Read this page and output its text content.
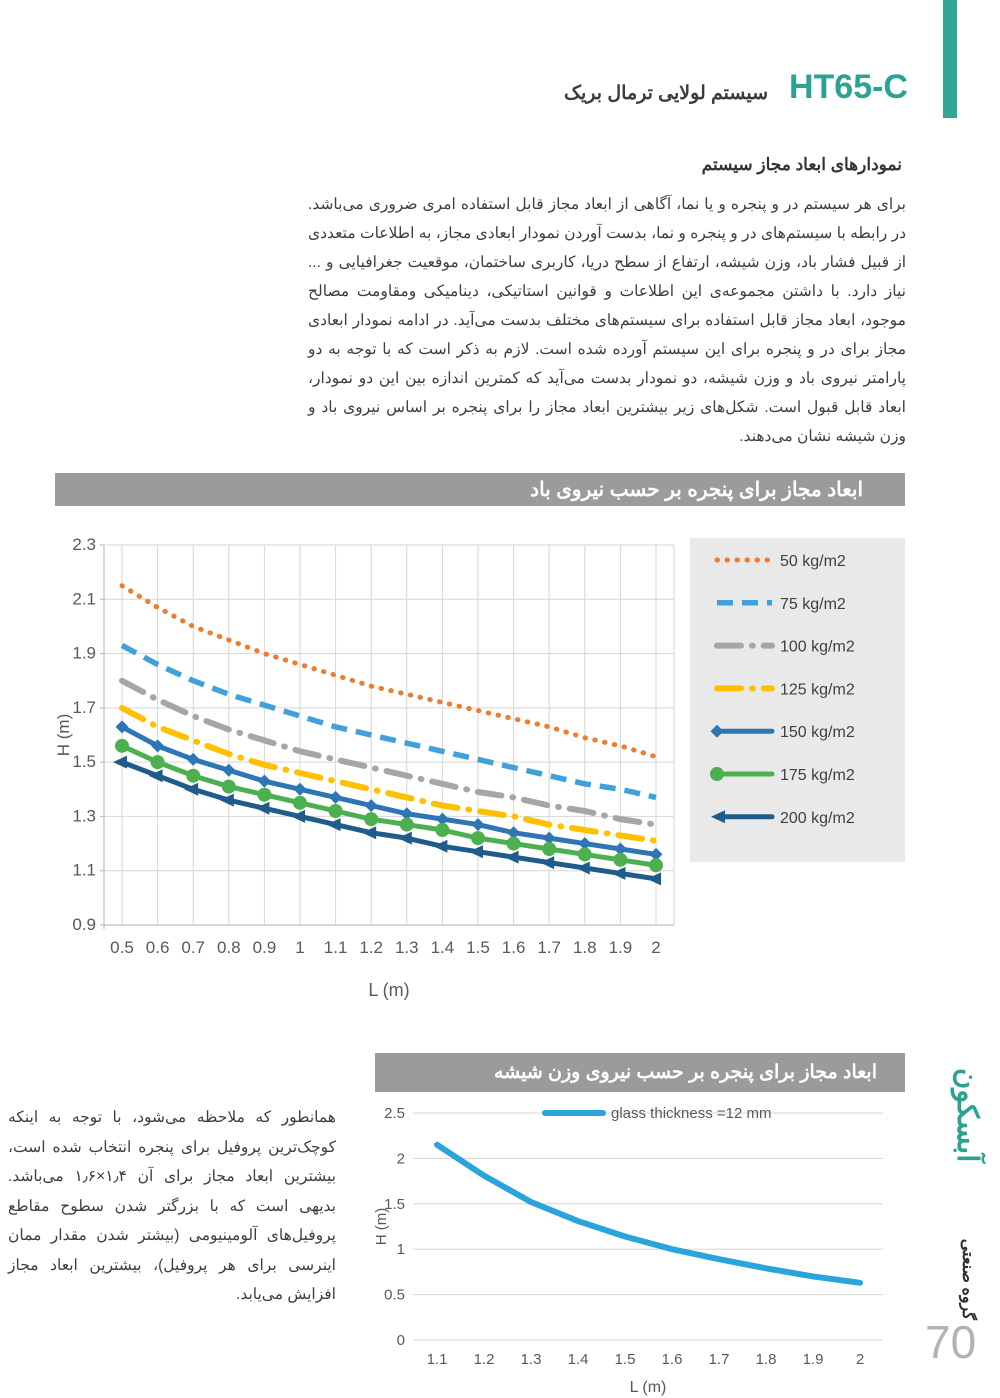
HT65-C
سیستم لولایی ترمال بریک
نمودارهای ابعاد مجاز سیستم
برای هر سیستم در و پنجره و یا نما، آگاهی از ابعاد مجاز قابل استفاده امری ضروری می‌باشد. در رابطه با سیستم‌های در و پنجره و نما، بدست آوردن نمودار ابعادی مجاز، به اطلاعات متعددی از قبیل فشار باد، وزن شیشه، ارتفاع از سطح دریا، کاربری ساختمان، موقعیت جغرافیایی و ... نیاز دارد. با داشتن مجموعه‌ی این اطلاعات و قوانین استاتیکی، دینامیکی ومقاومت مصالح موجود، ابعاد مجاز قابل استفاده برای سیستم‌های مختلف بدست می‌آید. در ادامه نمودار ابعادی مجاز برای در و پنجره برای این سیستم آورده شده است. لازم به ذکر است که با توجه به دو پارامتر نیروی باد و وزن شیشه، دو نمودار بدست می‌آید که کمترین اندازه بین این دو نمودار، ابعاد قابل قبول است. شکل‌های زیر بیشترین ابعاد مجاز را برای پنجره بر اساس نیروی باد و وزن شیشه نشان می‌دهند.
ابعاد مجاز برای پنجره بر حسب نیروی باد
2.3
2.1
1.9
1.7
1.5
1.3
1.1
0.9
0.5 0.6 0.7 0.8 0.9 1 1.1 1.2 1.3 1.4 1.5 1.6 1.7 1.8 1.9 2
L (m)
H (m)
50 kg/m2
75 kg/m2
100 kg/m2
125 kg/m2
150 kg/m2
175 kg/m2
200 kg/m2
همانطور که ملاحظه می‌شود، با توجه به اینکه کوچک‌ترین پروفیل برای پنجره انتخاب شده است، بیشترین ابعاد مجاز برای آن ۱٫۴×۱٫۶ می‌باشد. بدیهی است که با بزرگتر شدن سطوح مقاطع پروفیل‌های آلومینیومی (بیشتر شدن مقدار ممان اینرسی برای هر پروفیل)، بیشترین ابعاد مجاز افزایش می‌یابد.
ابعاد مجاز برای پنجره بر حسب نیروی وزن شیشه
2.5
2
1.5
1
0.5
0
1.1 1.2 1.3 1.4 1.5 1.6 1.7 1.8 1.9 2
L (m)
H (m)
glass thickness =12 mm
گروه صنعتی
آبسکون
70
